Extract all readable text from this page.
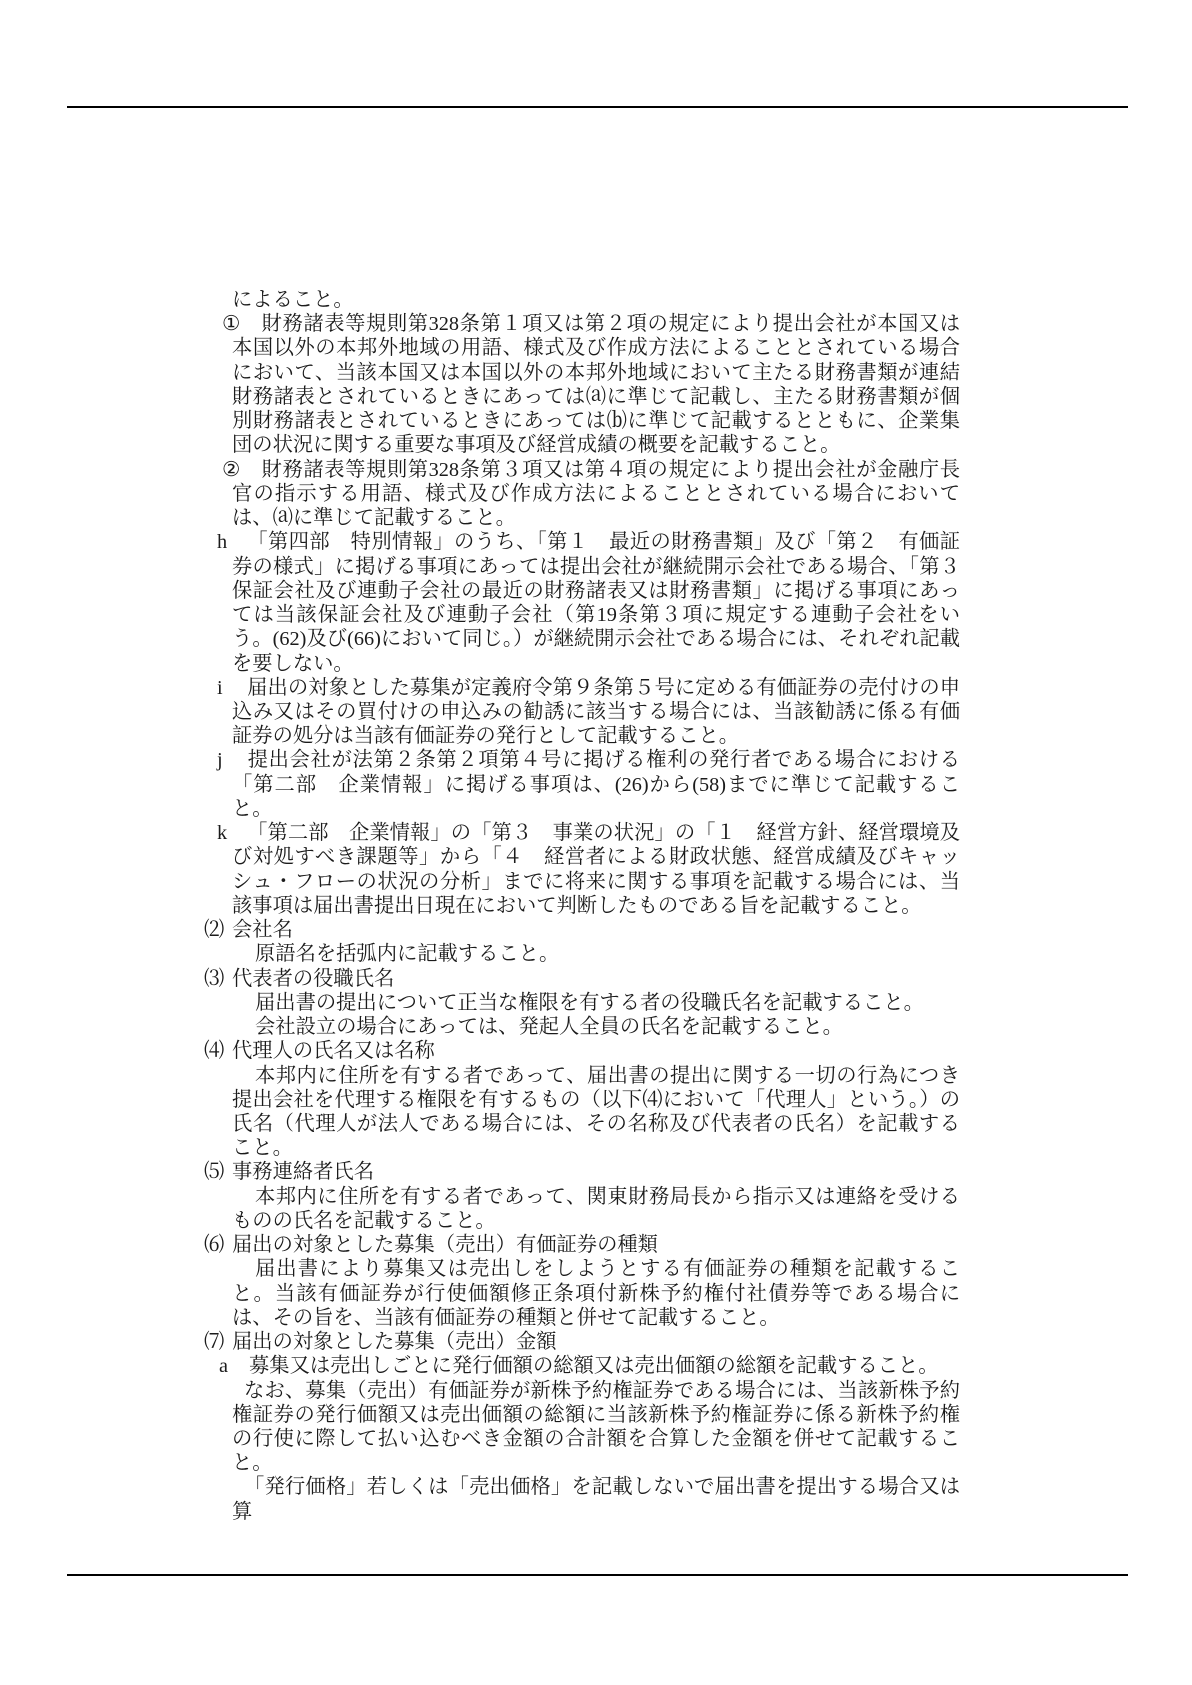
によること。

① 財務諸表等規則第328条第１項又は第２項の規定により提出会社が本国又は本国以外の本邦外地域の用語、様式及び作成方法によることとされている場合において、当該本国又は本国以外の本邦外地域において主たる財務書類が連結財務諸表とされているときにあっては⒜に準じて記載し、主たる財務書類が個別財務諸表とされているときにあっては⒝に準じて記載するとともに、企業集団の状況に関する重要な事項及び経営成績の概要を記載すること。

② 財務諸表等規則第328条第３項又は第４項の規定により提出会社が金融庁長官の指示する用語、様式及び作成方法によることとされている場合においては、⒜に準じて記載すること。

h 「第四部　特別情報」のうち、「第１　最近の財務書類」及び「第２　有価証券の様式」に掲げる事項にあっては提出会社が継続開示会社である場合、「第３　保証会社及び連動子会社の最近の財務諸表又は財務書類」に掲げる事項にあっては当該保証会社及び連動子会社（第19条第３項に規定する連動子会社をいう。(62)及び(66)において同じ。）が継続開示会社である場合には、それぞれ記載を要しない。

i 届出の対象とした募集が定義府令第９条第５号に定める有価証券の売付けの申込み又はその買付けの申込みの勧誘に該当する場合には、当該勧誘に係る有価証券の処分は当該有価証券の発行として記載すること。

j 提出会社が法第２条第２項第４号に掲げる権利の発行者である場合における「第二部　企業情報」に掲げる事項は、(26)から(58)までに準じて記載すること。

k 「第二部　企業情報」の「第３　事業の状況」の「１　経営方針、経営環境及び対処すべき課題等」から「４　経営者による財政状態、経営成績及びキャッシュ・フローの状況の分析」までに将来に関する事項を記載する場合には、当該事項は届出書提出日現在において判断したものである旨を記載すること。

⑵ 会社名

原語名を括弧内に記載すること。

⑶ 代表者の役職氏名

届出書の提出について正当な権限を有する者の役職氏名を記載すること。

会社設立の場合にあっては、発起人全員の氏名を記載すること。

⑷ 代理人の氏名又は名称

本邦内に住所を有する者であって、届出書の提出に関する一切の行為につき提出会社を代理する権限を有するもの（以下⑷において「代理人」という。）の氏名（代理人が法人である場合には、その名称及び代表者の氏名）を記載すること。

⑸ 事務連絡者氏名

本邦内に住所を有する者であって、関東財務局長から指示又は連絡を受けるものの氏名を記載すること。

⑹ 届出の対象とした募集（売出）有価証券の種類

届出書により募集又は売出しをしようとする有価証券の種類を記載すること。当該有価証券が行使価額修正条項付新株予約権付社債券等である場合には、その旨を、当該有価証券の種類と併せて記載すること。

⑺ 届出の対象とした募集（売出）金額

a 募集又は売出しごとに発行価額の総額又は売出価額の総額を記載すること。

なお、募集（売出）有価証券が新株予約権証券である場合には、当該新株予約権証券の発行価額又は売出価額の総額に当該新株予約権証券に係る新株予約権の行使に際して払い込むべき金額の合計額を合算した金額を併せて記載すること。

「発行価格」若しくは「売出価格」を記載しないで届出書を提出する場合又は算
